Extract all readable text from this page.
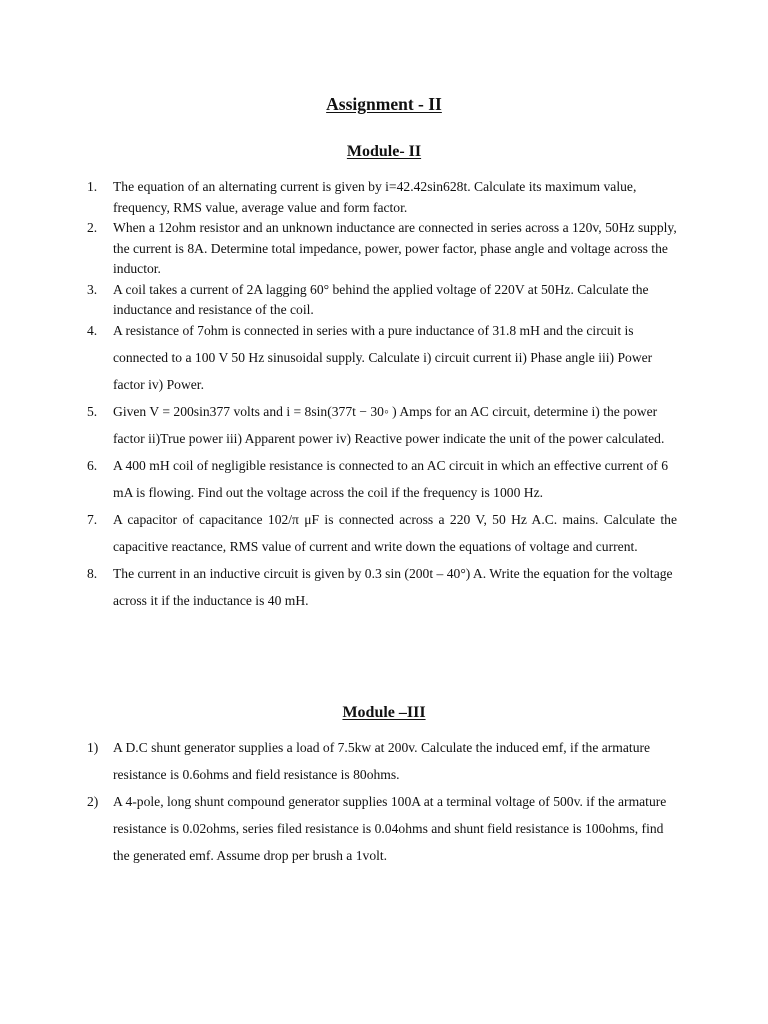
Assignment - II
Module- II
1.	The equation of an alternating current is given by i=42.42sin628t. Calculate its maximum value, frequency, RMS value, average value and form factor.
2.	When a 12ohm resistor and an unknown inductance are connected in series across a 120v, 50Hz supply, the current is 8A. Determine total impedance, power, power factor, phase angle and voltage across the inductor.
3.	A coil takes a current of 2A lagging 60° behind the applied voltage of 220V at 50Hz. Calculate the inductance and resistance of the coil.
4.	A resistance of 7ohm is connected in series with a pure inductance of 31.8 mH and the circuit is connected to a 100 V 50 Hz sinusoidal supply. Calculate i) circuit current ii) Phase angle iii) Power factor iv) Power.
5.	Given V = 200sin377 volts and i = 8sin(377t − 30◦ ) Amps for an AC circuit, determine i) the power factor ii)True power iii) Apparent power iv) Reactive power indicate the unit of the power calculated.
6.	A 400 mH coil of negligible resistance is connected to an AC circuit in which an effective current of 6 mA is flowing. Find out the voltage across the coil if the frequency is 1000 Hz.
7.	A capacitor of capacitance 102/π μF is connected across a 220 V, 50 Hz A.C. mains. Calculate the capacitive reactance, RMS value of current and write down the equations of voltage and current.
8.	The current in an inductive circuit is given by 0.3 sin (200t – 40°) A. Write the equation for the voltage across it if the inductance is 40 mH.
Module –III
1)	A D.C shunt generator supplies a load of 7.5kw at 200v. Calculate the induced emf, if the armature resistance is 0.6ohms and field resistance is 80ohms.
2)	A 4-pole, long shunt compound generator supplies 100A at a terminal voltage of 500v. if the armature resistance is 0.02ohms, series filed resistance is 0.04ohms and shunt field resistance is 100ohms, find the generated emf. Assume drop per brush a 1volt.
